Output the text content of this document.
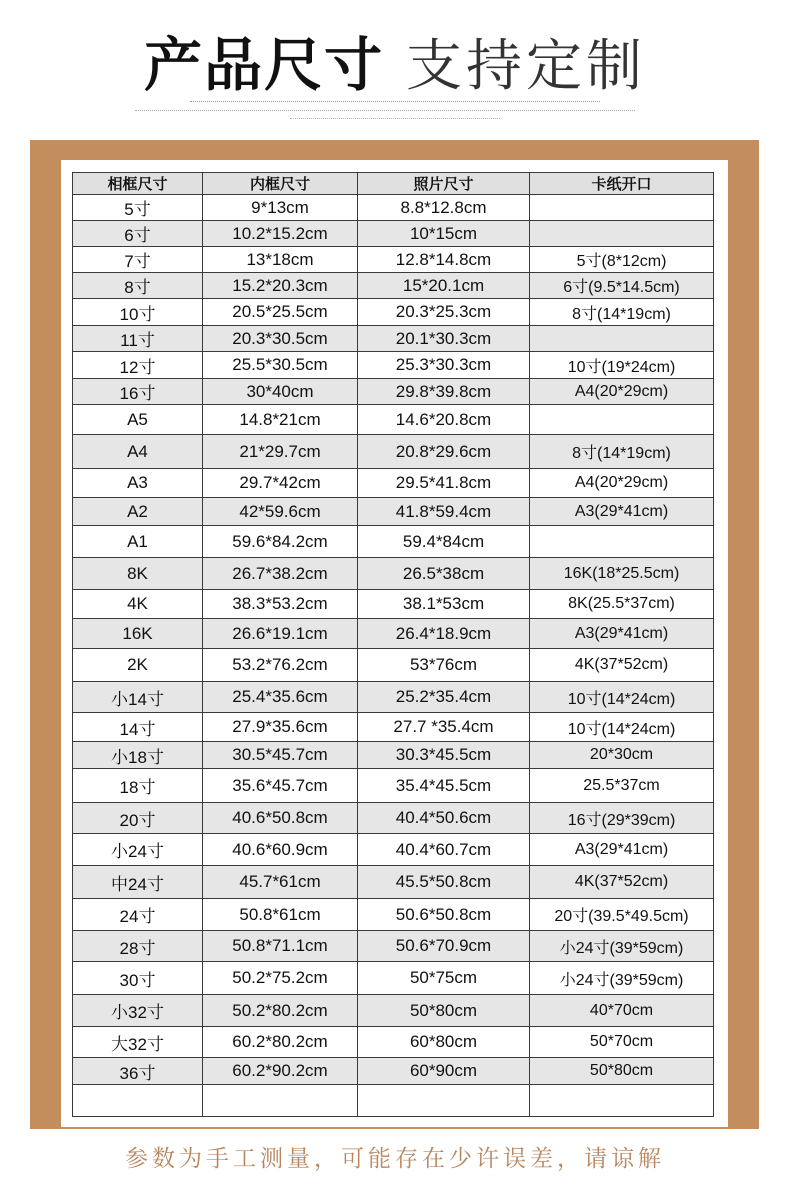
产品尺寸 支持定制
相框尺寸	内框尺寸	照片尺寸	卡纸开口
5寸	9*13cm	8.8*12.8cm	
6寸	10.2*15.2cm	10*15cm	
7寸	13*18cm	12.8*14.8cm	5寸(8*12cm)
8寸	15.2*20.3cm	15*20.1cm	6寸(9.5*14.5cm)
10寸	20.5*25.5cm	20.3*25.3cm	8寸(14*19cm)
11寸	20.3*30.5cm	20.1*30.3cm	
12寸	25.5*30.5cm	25.3*30.3cm	10寸(19*24cm)
16寸	30*40cm	29.8*39.8cm	A4(20*29cm)
A5	14.8*21cm	14.6*20.8cm	
A4	21*29.7cm	20.8*29.6cm	8寸(14*19cm)
A3	29.7*42cm	29.5*41.8cm	A4(20*29cm)
A2	42*59.6cm	41.8*59.4cm	A3(29*41cm)
A1	59.6*84.2cm	59.4*84cm	
8K	26.7*38.2cm	26.5*38cm	16K(18*25.5cm)
4K	38.3*53.2cm	38.1*53cm	8K(25.5*37cm)
16K	26.6*19.1cm	26.4*18.9cm	A3(29*41cm)
2K	53.2*76.2cm	53*76cm	4K(37*52cm)
小14寸	25.4*35.6cm	25.2*35.4cm	10寸(14*24cm)
14寸	27.9*35.6cm	27.7 *35.4cm	10寸(14*24cm)
小18寸	30.5*45.7cm	30.3*45.5cm	20*30cm
18寸	35.6*45.7cm	35.4*45.5cm	25.5*37cm
20寸	40.6*50.8cm	40.4*50.6cm	16寸(29*39cm)
小24寸	40.6*60.9cm	40.4*60.7cm	A3(29*41cm)
中24寸	45.7*61cm	45.5*50.8cm	4K(37*52cm)
24寸	50.8*61cm	50.6*50.8cm	20寸(39.5*49.5cm)
28寸	50.8*71.1cm	50.6*70.9cm	小24寸(39*59cm)
30寸	50.2*75.2cm	50*75cm	小24寸(39*59cm)
小32寸	50.2*80.2cm	50*80cm	40*70cm
大32寸	60.2*80.2cm	60*80cm	50*70cm
36寸	60.2*90.2cm	60*90cm	50*80cm

参数为手工测量，可能存在少许误差，请谅解
